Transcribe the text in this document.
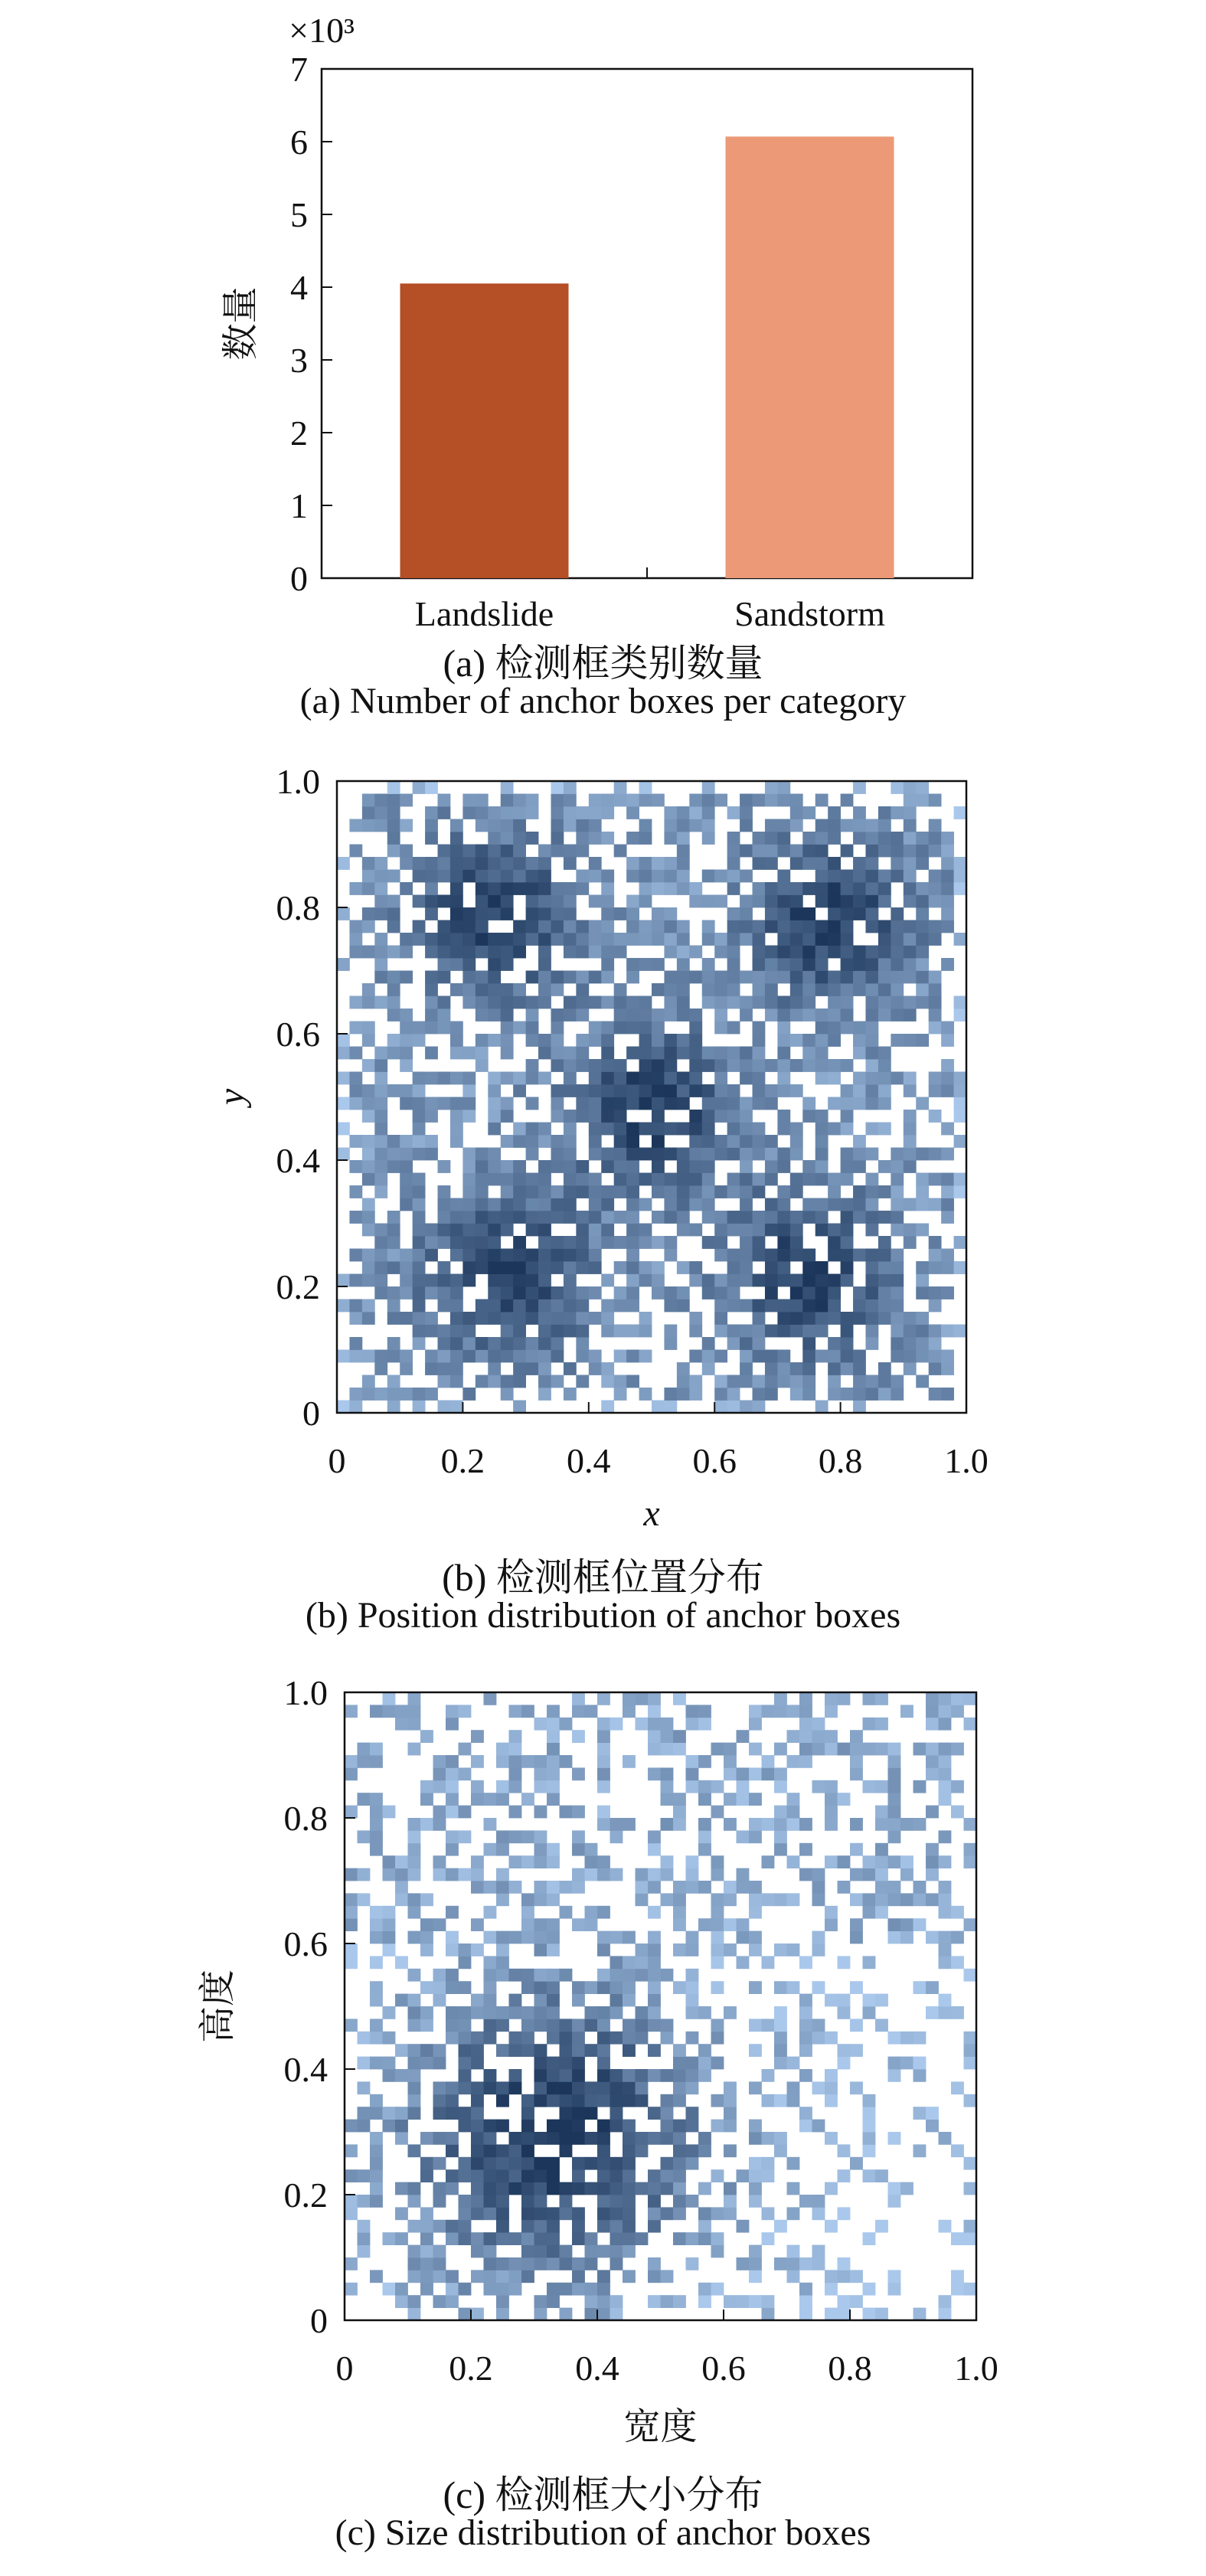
0
1
2
3
4
5
6
7
×10³
数量
Landslide	Sandstorm
(a) 检测框类别数量
(a) Number of anchor boxes per category
0	0.2 0.4 0.6 0.8 1.0
0
0.2
0.4
0.6
0.8
1.0
x
y
(b) 检测框位置分布
(b) Position distribution of anchor boxes
0	0.2 0.4 0.6 0.8 1.0
0
0.2
0.4
0.6
0.8
1.0
宽度
高度
(c) 检测框大小分布
(c) Size distribution of anchor boxes
